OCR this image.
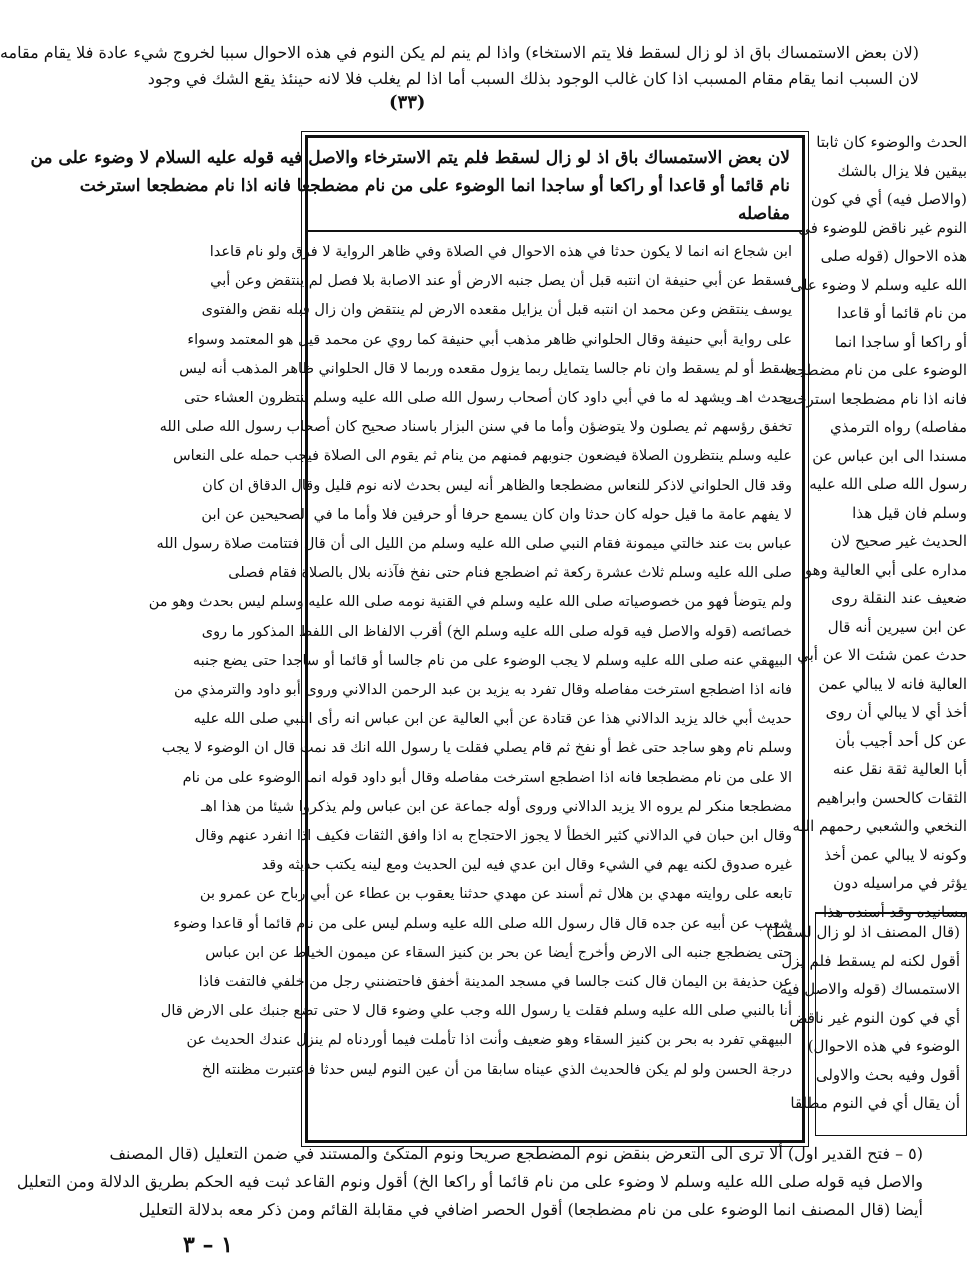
(لان بعض الاستمساك باق اذ لو زال لسقط فلا يتم الاستخاء) واذا لم ينم لم يكن النوم في هذه الاحوال سببا لخروج شيء عادة فلا يقام مقامه
لان السبب انما يقام مقام المسبب اذا كان غالب الوجود بذلك السبب أما اذا لم يغلب فلا لانه حينئذ يقع الشك في وجود
(٣٣)

لان بعض الاستمساك باق اذ لو زال لسقط فلم يتم الاسترخاء والاصل فيه قوله عليه السلام لا وضوء على من

نام قائما أو قاعدا أو راكعا أو ساجدا انما الوضوء على من نام مضطجعا فانه اذا نام مضطجعا استرخت

مفاصله

ابن شجاع انه انما لا يكون حدثا في هذه الاحوال في الصلاة وفي ظاهر الرواية لا فرق ولو نام قاعدا

فسقط عن أبي حنيفة ان انتبه قبل أن يصل جنبه الارض أو عند الاصابة بلا فصل لم ينتقض وعن أبي

يوسف ينتقض وعن محمد ان انتبه قبل أن يزايل مقعده الارض لم ينتقض وان زال قبله نقض والفتوى

على رواية أبي حنيفة وقال الحلواني ظاهر مذهب أبي حنيفة كما روي عن محمد قيل هو المعتمد وسواء

سقط أو لم يسقط وان نام جالسا يتمايل ربما يزول مقعده وربما لا قال الحلواني ظاهر المذهب أنه ليس

بحدث اهـ ويشهد له ما في أبي داود كان أصحاب رسول الله صلى الله عليه وسلم ينتظرون العشاء حتى

تخفق رؤسهم ثم يصلون ولا يتوضؤن وأما ما في سنن البزار باسناد صحيح كان أصحاب رسول الله صلى الله

عليه وسلم ينتظرون الصلاة فيضعون جنوبهم فمنهم من ينام ثم يقوم الى الصلاة فيجب حمله على النعاس

وقد قال الحلواني لاذكر للنعاس مضطجعا والظاهر أنه ليس بحدث لانه نوم قليل وقال الدقاق ان كان

لا يفهم عامة ما قيل حوله كان حدثا وان كان يسمع حرفا أو حرفين فلا وأما ما في الصحيحين عن ابن

عباس بت عند خالتي ميمونة فقام النبي صلى الله عليه وسلم من الليل الى أن قال فتتامت صلاة رسول الله

صلى الله عليه وسلم ثلاث عشرة ركعة ثم اضطجع فنام حتى نفخ فآذنه بلال بالصلاة فقام فصلى

ولم يتوضأ فهو من خصوصياته صلى الله عليه وسلم في القنية نومه صلى الله عليه وسلم ليس بحدث وهو من

خصائصه (قوله والاصل فيه قوله صلى الله عليه وسلم الخ) أقرب الالفاظ الى اللفظ المذكور ما روى

البيهقي عنه صلى الله عليه وسلم لا يجب الوضوء على من نام جالسا أو قائما أو ساجدا حتى يضع جنبه

فانه اذا اضطجع استرخت مفاصله وقال تفرد به يزيد بن عبد الرحمن الدالاني وروى أبو داود والترمذي من

حديث أبي خالد يزيد الدالاني هذا عن قتادة عن أبي العالية عن ابن عباس انه رأى النبي صلى الله عليه

وسلم نام وهو ساجد حتى غط أو نفخ ثم قام يصلي فقلت يا رسول الله انك قد نمت قال ان الوضوء لا يجب

الا على من نام مضطجعا فانه اذا اضطجع استرخت مفاصله وقال أبو داود قوله انما الوضوء على من نام

مضطجعا منكر لم يروه الا يزيد الدالاني وروى أوله جماعة عن ابن عباس ولم يذكروا شيئا من هذا اهـ

وقال ابن حبان في الدالاني كثير الخطأ لا يجوز الاحتجاج به اذا وافق الثقات فكيف اذا انفرد عنهم وقال

غيره صدوق لكنه يهم في الشيء وقال ابن عدي فيه لين الحديث ومع لينه يكتب حديثه وقد

تابعه على روايته مهدي بن هلال ثم أسند عن مهدي حدثنا يعقوب بن عطاء عن أبي رباح عن عمرو بن

شعيب عن أبيه عن جده قال قال رسول الله صلى الله عليه وسلم ليس على من نام قائما أو قاعدا وضوء

حتى يضطجع جنبه الى الارض وأخرج أيضا عن بحر بن كنيز السقاء عن ميمون الخياط عن ابن عباس

عن حذيفة بن اليمان قال كنت جالسا في مسجد المدينة أخفق فاحتضنني رجل من خلفي فالتفت فاذا

أنا بالنبي صلى الله عليه وسلم فقلت يا رسول الله وجب علي وضوء قال لا حتى تضع جنبك على الارض قال

البيهقي تفرد به بحر بن كنيز السقاء وهو ضعيف وأنت اذا تأملت فيما أوردناه لم ينزل عندك الحديث عن

درجة الحسن ولو لم يكن فالحديث الذي عيناه سابقا من أن عين النوم ليس حدثا فاعتبرت مظنته الخ

الحدث والوضوء كان ثابتا

بيقين فلا يزال بالشك

(والاصل فيه) أي في كون

النوم غير ناقض للوضوء في

هذه الاحوال (قوله صلى

الله عليه وسلم لا وضوء على

من نام قائما أو قاعدا

أو راكعا أو ساجدا انما

الوضوء على من نام مضطجعا

فانه اذا نام مضطجعا استرخت

مفاصله) رواه الترمذي

مسندا الى ابن عباس عن

رسول الله صلى الله عليه

وسلم فان قيل هذا

الحديث غير صحيح لان

مداره على أبي العالية وهو

ضعيف عند النقلة روى

عن ابن سيرين أنه قال

حدث عمن شئت الا عن أبي

العالية فانه لا يبالي عمن

أخذ أي لا يبالي أن روى

عن كل أحد أجيب بأن

أبا العالية ثقة نقل عنه

الثقات كالحسن وابراهيم

النخعي والشعبي رحمهم الله

وكونه لا يبالي عمن أخذ

يؤثر في مراسيله دون

مسانيده وقد أسنده هذا

(قال المصنف اذ لو زال لسقط)

أقول لكنه لم يسقط فلم يزل

الاستمساك (قوله والاصل فيه

أي في كون النوم غير ناقض

الوضوء في هذه الاحوال)

أقول وفيه بحث والاولى

أن يقال أي في النوم مطلقا

(٥ – فتح القدير اول) ألا ترى الى التعرض بنقض نوم المضطجع صريحا ونوم المتكئ والمستند في ضمن التعليل (قال المصنف

والاصل فيه قوله صلى الله عليه وسلم لا وضوء على من نام قائما أو راكعا الخ) أقول ونوم القاعد ثبت فيه الحكم بطريق الدلالة ومن التعليل

أيضا (قال المصنف انما الوضوء على من نام مضطجعا) أقول الحصر اضافي في مقابلة القائم ومن ذكر معه بدلالة التعليل

١ – ٣
